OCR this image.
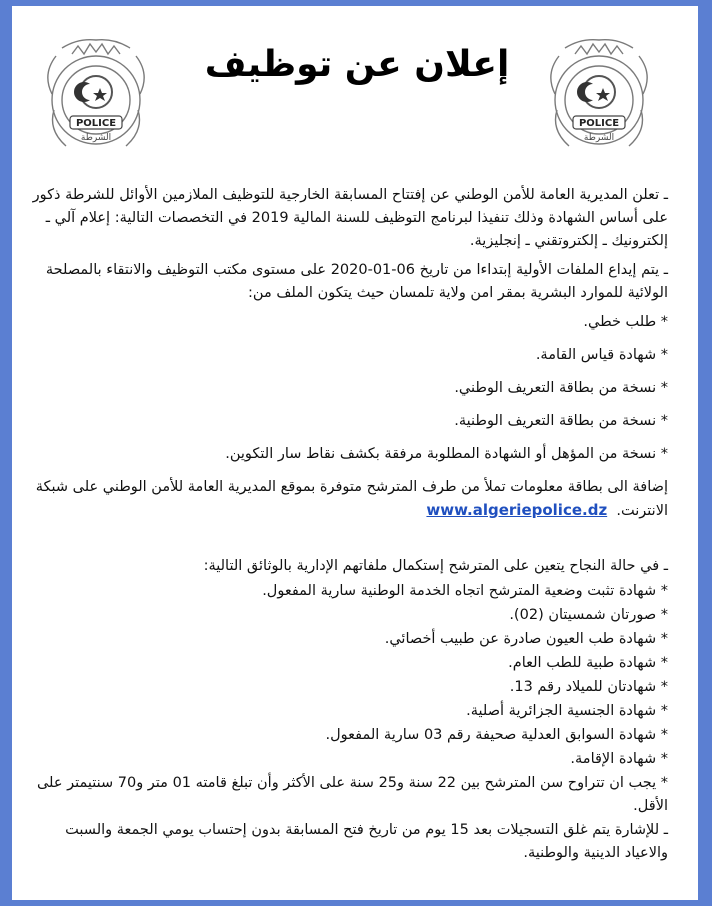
POLICE
الشرطة
POLICE
الشرطة
إعلان عن توظيف

ـ تعلن المديرية العامة للأمن الوطني عن إفتتاح المسابقة الخارجية للتوظيف الملازمين الأوائل للشرطة ذكور على أساس الشهادة وذلك تنفيذا لبرنامج التوظيف للسنة المالية 2019 في التخصصات التالية: إعلام آلي ـ إلكترونيك ـ إلكتروتقني ـ إنجليزية.

ـ يتم إيداع الملفات الأولية إبتداءا من تاريخ 06-01-2020 على مستوى مكتب التوظيف والانتقاء بالمصلحة الولائية للموارد البشرية بمقر امن ولاية تلمسان حيث يتكون الملف من:

* طلب خطي.
* شهادة قياس القامة.
* نسخة من بطاقة التعريف الوطني.
* نسخة من بطاقة التعريف الوطنية.
* نسخة من المؤهل أو الشهادة المطلوبة مرفقة بكشف نقاط سار التكوين.

إضافة الى بطاقة معلومات تملأ من طرف المترشح متوفرة بموقع المديرية العامة للأمن الوطني على شبكة الانترنت.  www.algeriepolice.dz

ـ في حالة النجاح يتعين على المترشح إستكمال ملفاتهم الإدارية بالوثائق التالية:

* شهادة تثبت وضعية المترشح اتجاه الخدمة الوطنية سارية المفعول.
* صورتان شمسيتان (02).
* شهادة طب العيون صادرة عن طبيب أخصائي.
* شهادة طبية للطب العام.
* شهادتان للميلاد رقم 13.
* شهادة الجنسية الجزائرية أصلية.
* شهادة السوابق العدلية صحيفة رقم 03 سارية المفعول.
* شهادة الإقامة.
* يجب ان تتراوح سن المترشح بين 22 سنة و25 سنة على الأكثر وأن تبلغ قامته 01 متر و70 سنتيمتر على الأقل.

ـ للإشارة يتم غلق التسجيلات بعد 15 يوم من تاريخ فتح المسابقة بدون إحتساب يومي الجمعة والسبت والاعياد الدينية والوطنية.
